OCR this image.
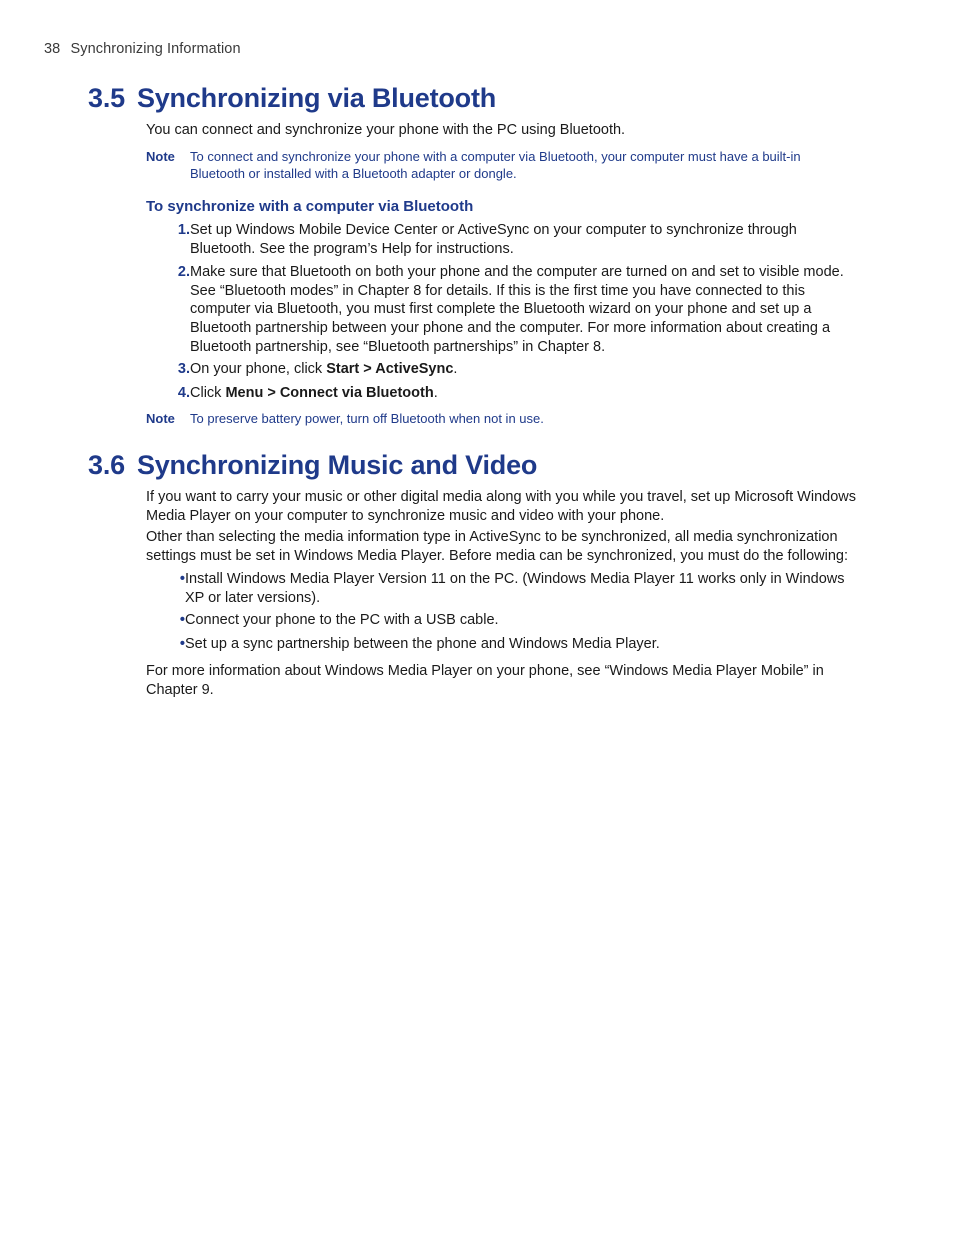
38 Synchronizing Information
3.5 Synchronizing via Bluetooth
You can connect and synchronize your phone with the PC using Bluetooth.
Note	To connect and synchronize your phone with a computer via Bluetooth, your computer must have a built-in Bluetooth or installed with a Bluetooth adapter or dongle.
To synchronize with a computer via Bluetooth
1. Set up Windows Mobile Device Center or ActiveSync on your computer to synchronize through Bluetooth. See the program’s Help for instructions.
2. Make sure that Bluetooth on both your phone and the computer are turned on and set to visible mode. See “Bluetooth modes” in Chapter 8 for details. If this is the first time you have connected to this computer via Bluetooth, you must first complete the Bluetooth wizard on your phone and set up a Bluetooth partnership between your phone and the computer. For more information about creating a Bluetooth partnership, see “Bluetooth partnerships” in Chapter 8.
3. On your phone, click Start > ActiveSync.
4. Click Menu > Connect via Bluetooth.
Note	To preserve battery power, turn off Bluetooth when not in use.
3.6 Synchronizing Music and Video
If you want to carry your music or other digital media along with you while you travel, set up Microsoft Windows Media Player on your computer to synchronize music and video with your phone.
Other than selecting the media information type in ActiveSync to be synchronized, all media synchronization settings must be set in Windows Media Player. Before media can be synchronized, you must do the following:
• Install Windows Media Player Version 11 on the PC. (Windows Media Player 11 works only in Windows XP or later versions).
• Connect your phone to the PC with a USB cable.
• Set up a sync partnership between the phone and Windows Media Player.
For more information about Windows Media Player on your phone, see “Windows Media Player Mobile” in Chapter 9.
